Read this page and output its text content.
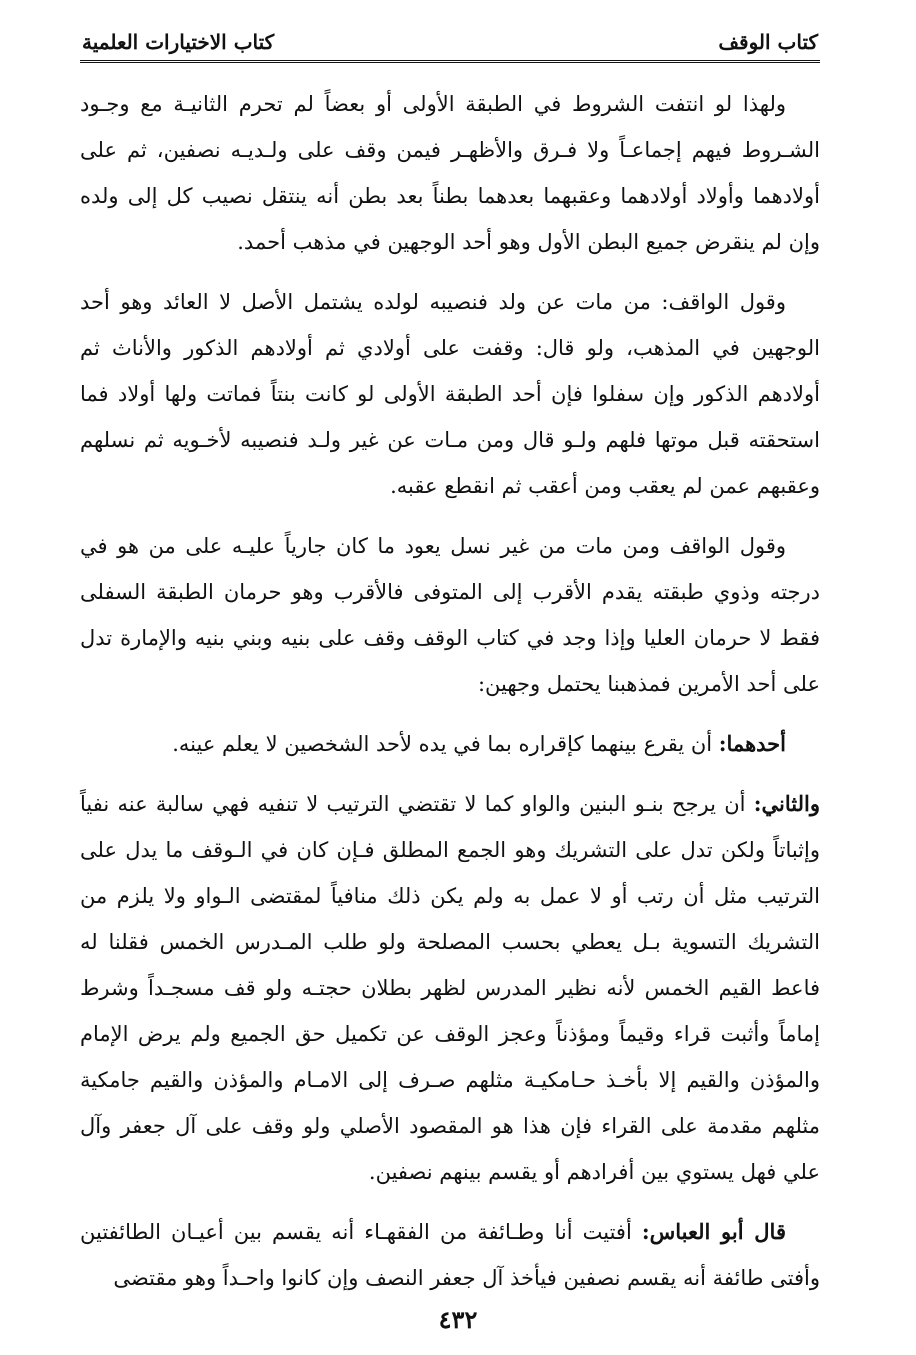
كتاب الوقف
كتاب الاختيارات العلمية

ولهذا لو انتفت الشروط في الطبقة الأولى أو بعضاً لم تحرم الثانيـة مع وجـود الشـروط فيهم إجماعـاً ولا فـرق والأظهـر فيمن وقف على ولـديـه نصفين، ثم على أولادهما وأولاد أولادهما وعقبهما بعدهما بطناً بعد بطن أنه ينتقل نصيب كل إلى ولده وإن لم ينقرض جميع البطن الأول وهو أحد الوجهين في مذهب أحمد.

وقول الواقف: من مات عن ولد فنصيبه لولده يشتمل الأصل لا العائد وهو أحد الوجهين في المذهب، ولو قال: وقفت على أولادي ثم أولادهم الذكور والأناث ثم أولادهم الذكور وإن سفلوا فإن أحد الطبقة الأولى لو كانت بنتاً فماتت ولها أولاد فما استحقته قبل موتها فلهم ولـو قال ومن مـات عن غير ولـد فنصيبه لأخـويه ثم نسلهم وعقبهم عمن لم يعقب ومن أعقب ثم انقطع عقبه.

وقول الواقف ومن مات من غير نسل يعود ما كان جارياً عليـه على من هو في درجته وذوي طبقته يقدم الأقرب إلى المتوفى فالأقرب وهو حرمان الطبقة السفلى فقط لا حرمان العليا وإذا وجد في كتاب الوقف وقف على بنيه وبني بنيه والإمارة تدل على أحد الأمرين فمذهبنا يحتمل وجهين:

أحدهما: أن يقرع بينهما كإقراره بما في يده لأحد الشخصين لا يعلم عينه.

والثاني: أن يرجح بنـو البنين والواو كما لا تقتضي الترتيب لا تنفيه فهي سالبة عنه نفياً وإثباتاً ولكن تدل على التشريك وهو الجمع المطلق فـإن كان في الـوقف ما يدل على الترتيب مثل أن رتب أو لا عمل به ولم يكن ذلك منافياً لمقتضى الـواو ولا يلزم من التشريك التسوية بـل يعطي بحسب المصلحة ولو طلب المـدرس الخمس فقلنا له فاعط القيم الخمس لأنه نظير المدرس لظهر بطلان حجتـه ولو قف مسجـداً وشرط إماماً وأثبت قراء وقيماً ومؤذناً وعجز الوقف عن تكميل حق الجميع ولم يرض الإمام والمؤذن والقيم إلا بأخـذ حـامكيـة مثلهم صـرف إلى الامـام والمؤذن والقيم جامكية مثلهم مقدمة على القراء فإن هذا هو المقصود الأصلي ولو وقف على آل جعفر وآل علي فهل يستوي بين أفرادهم أو يقسم بينهم نصفين.

قال أبو العباس: أفتيت أنا وطـائفة من الفقهـاء أنه يقسم بين أعيـان الطائفتين وأفتى طائفة أنه يقسم نصفين فيأخذ آل جعفر النصف وإن كانوا واحـداً وهو مقتضى

٤٣٢
